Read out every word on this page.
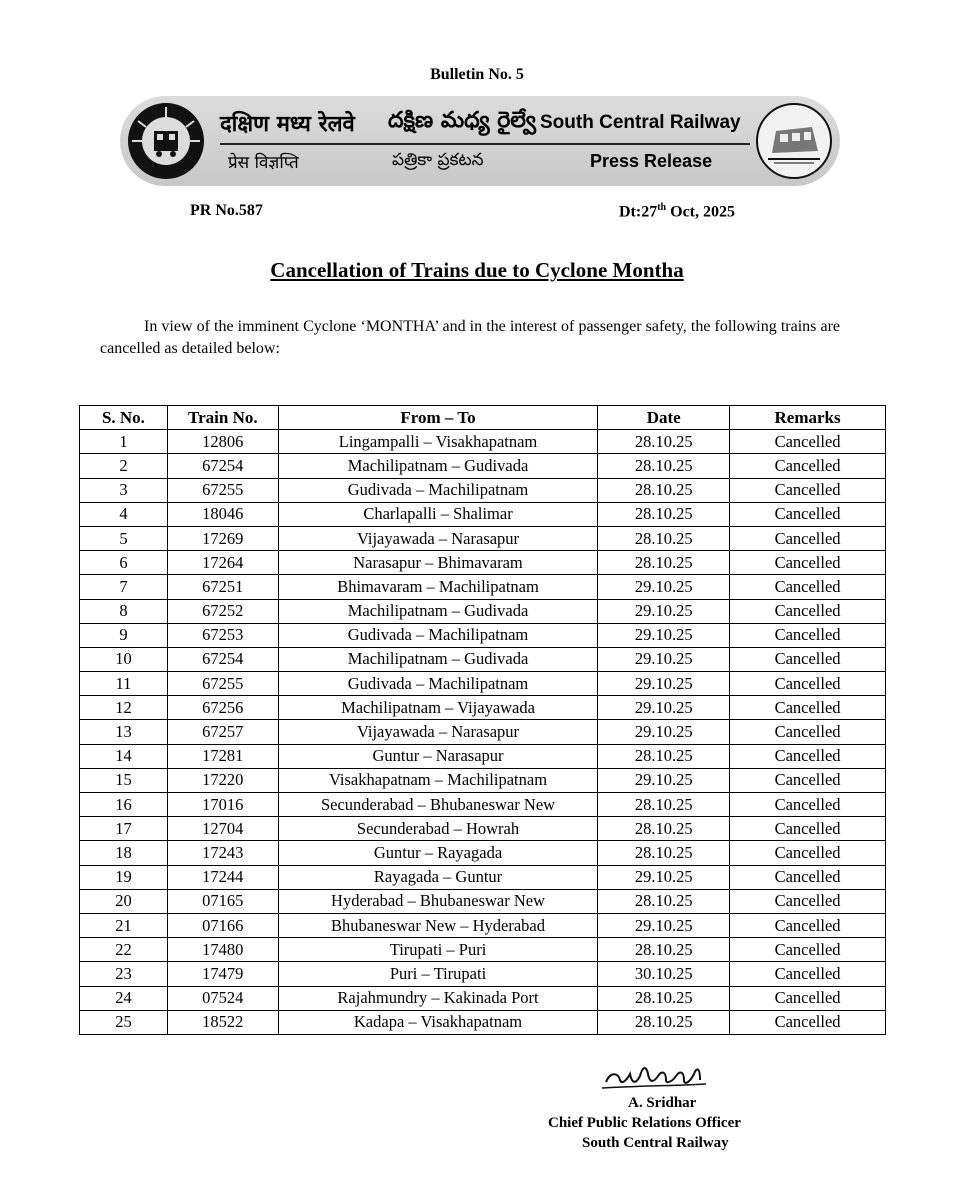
Bulletin No. 5
दक्षिण मध्य रेलवे దక్షిణ మధ్య రైల్వే South Central Railway
प्रेस विज्ञप्ति	పత్రికా ప్రకటన	Press Release
PR No.587	Dt:27th Oct, 2025
Cancellation of Trains due to Cyclone Montha
In view of the imminent Cyclone ‘MONTHA’ and in the interest of passenger safety, the following trains are cancelled as detailed below:
S. No.	Train No.	From – To	Date	Remarks
1	12806	Lingampalli – Visakhapatnam	28.10.25	Cancelled
2	67254	Machilipatnam – Gudivada	28.10.25	Cancelled
3	67255	Gudivada – Machilipatnam	28.10.25	Cancelled
4	18046	Charlapalli – Shalimar	28.10.25	Cancelled
5	17269	Vijayawada – Narasapur	28.10.25	Cancelled
6	17264	Narasapur – Bhimavaram	28.10.25	Cancelled
7	67251	Bhimavaram – Machilipatnam	29.10.25	Cancelled
8	67252	Machilipatnam – Gudivada	29.10.25	Cancelled
9	67253	Gudivada – Machilipatnam	29.10.25	Cancelled
10	67254	Machilipatnam – Gudivada	29.10.25	Cancelled
11	67255	Gudivada – Machilipatnam	29.10.25	Cancelled
12	67256	Machilipatnam – Vijayawada	29.10.25	Cancelled
13	67257	Vijayawada – Narasapur	29.10.25	Cancelled
14	17281	Guntur – Narasapur	28.10.25	Cancelled
15	17220	Visakhapatnam – Machilipatnam	29.10.25	Cancelled
16	17016	Secunderabad – Bhubaneswar New	28.10.25	Cancelled
17	12704	Secunderabad – Howrah	28.10.25	Cancelled
18	17243	Guntur – Rayagada	28.10.25	Cancelled
19	17244	Rayagada – Guntur	29.10.25	Cancelled
20	07165	Hyderabad – Bhubaneswar New	28.10.25	Cancelled
21	07166	Bhubaneswar New – Hyderabad	29.10.25	Cancelled
22	17480	Tirupati – Puri	28.10.25	Cancelled
23	17479	Puri – Tirupati	30.10.25	Cancelled
24	07524	Rajahmundry – Kakinada Port	28.10.25	Cancelled
25	18522	Kadapa – Visakhapatnam	28.10.25	Cancelled
A. Sridhar
Chief Public Relations Officer
South Central Railway
